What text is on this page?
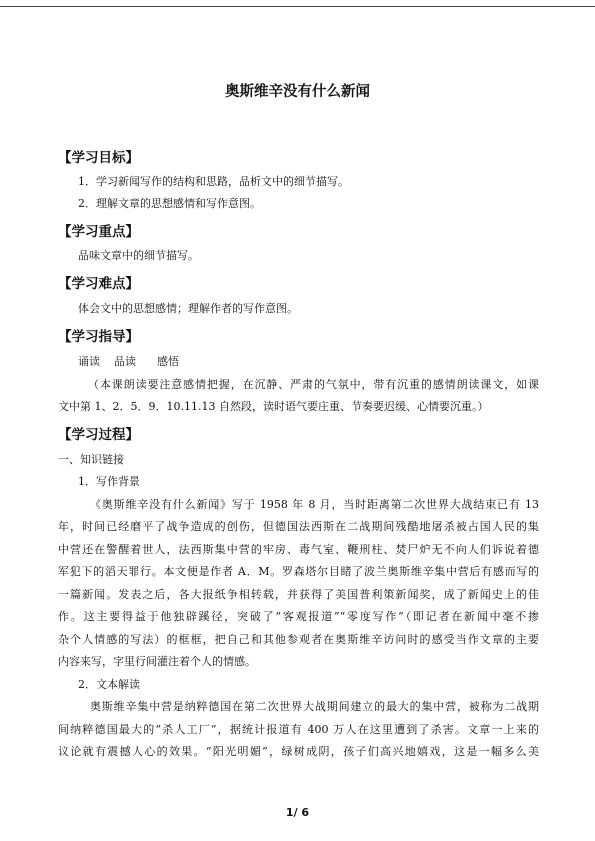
奥斯维辛没有什么新闻
【学习目标】
1．学习新闻写作的结构和思路，品析文中的细节描写。
2．理解文章的思想感情和写作意图。
【学习重点】
品味文章中的细节描写。
【学习难点】
体会文中的思想感情；理解作者的写作意图。
【学习指导】
诵读    品读      感悟
（本课朗读要注意感情把握，在沉静、严肃的气氛中，带有沉重的感情朗读课文，如课
文中第 1、2．5．9．10.11.13 自然段，读时语气要庄重、节奏要迟缓、心情要沉重。）
【学习过程】
一、知识链接
1．写作背景
《奥斯维辛没有什么新闻》写于 1958 年 8 月，当时距离第二次世界大战结束已有 13
年，时间已经磨平了战争造成的创伤，但德国法西斯在二战期间残酷地屠杀被占国人民的集
中营还在警醒着世人，法西斯集中营的牢房、毒气室、鞭刑柱、焚尸炉无不向人们诉说着德
军犯下的滔天罪行。本文便是作者 A．M。罗森塔尔目睹了波兰奥斯维辛集中营后有感而写的
一篇新闻。发表之后，各大报纸争相转载，并获得了美国普利策新闻奖，成了新闻史上的佳
作。这主要得益于他独辟蹊径，突破了“客观报道”“零度写作”（即记者在新闻中毫不掺
杂个人情感的写法）的框框，把自己和其他参观者在奥斯维辛访问时的感受当作文章的主要
内容来写，字里行间灌注着个人的情感。
2．文本解读
奥斯维辛集中营是纳粹德国在第二次世界大战期间建立的最大的集中营，被称为二战期
间纳粹德国最大的“杀人工厂”，据统计报道有 400 万人在这里遭到了杀害。文章一上来的
议论就有震撼人心的效果。“阳光明媚”，绿树成阴，孩子们高兴地嬉戏，这是一幅多么美
1/ 6
